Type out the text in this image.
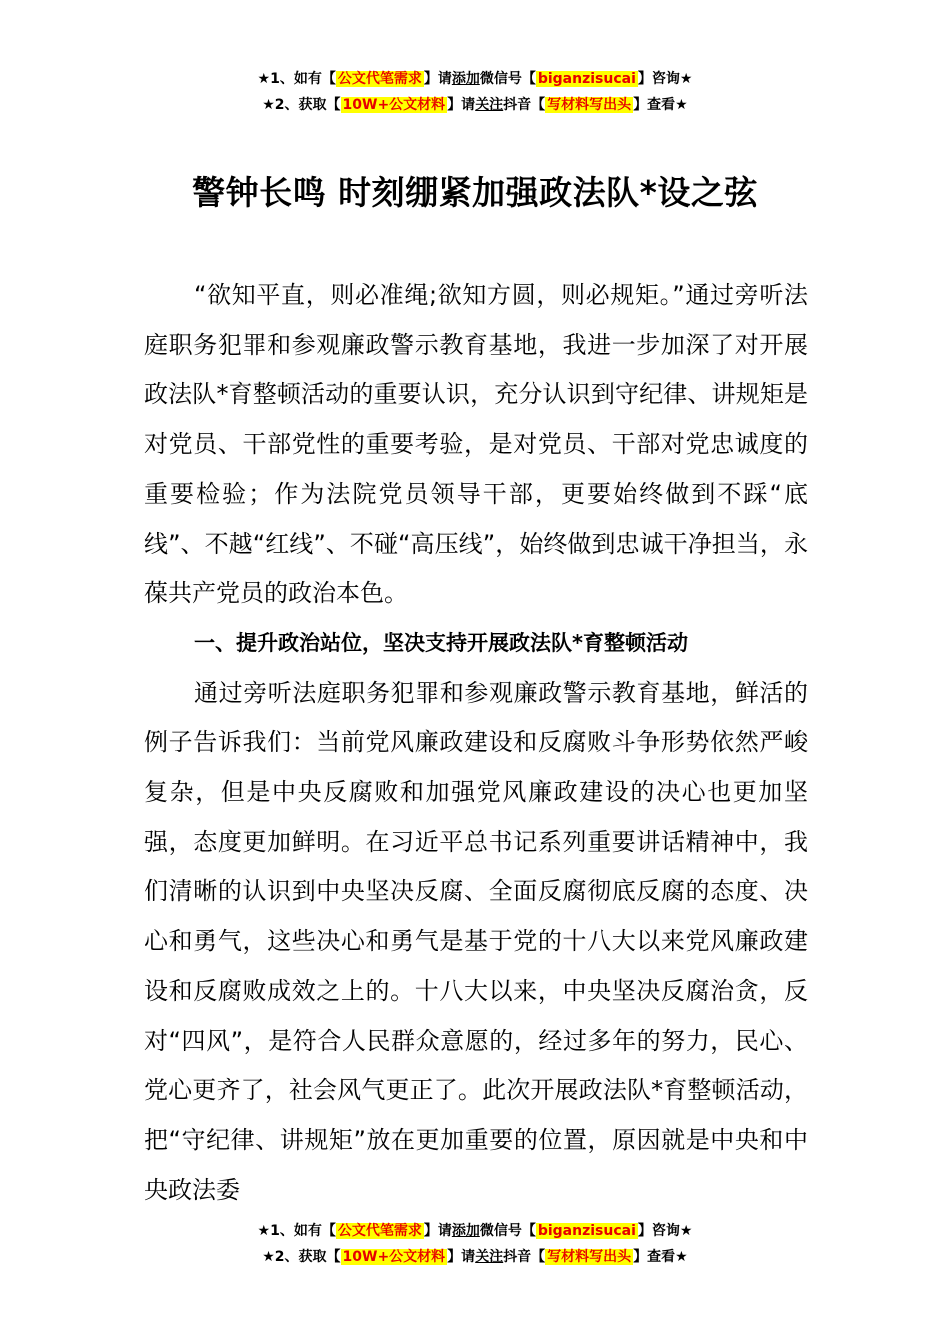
★1、如有【 公文代笔需求 】请添加微信号【 biganzisucai 】咨询★
★2、获取【 10W+公文材料 】请关注抖音【 写材料写出头 】查看★
警钟长鸣 时刻绷紧加强政法队*设之弦

“欲知平直，则必准绳;欲知方圆，则必规矩。”通过旁听法庭职务犯罪和参观廉政警示教育基地，我进一步加深了对开展政法队*育整顿活动的重要认识，充分认识到守纪律、讲规矩是对党员、干部党性的重要考验，是对党员、干部对党忠诚度的重要检验；作为法院党员领导干部，更要始终做到不踩“底线”、不越“红线”、不碰“高压线”，始终做到忠诚干净担当，永葆共产党员的政治本色。

一、提升政治站位，坚决支持开展政法队*育整顿活动

通过旁听法庭职务犯罪和参观廉政警示教育基地，鲜活的例子告诉我们：当前党风廉政建设和反腐败斗争形势依然严峻复杂，但是中央反腐败和加强党风廉政建设的决心也更加坚强，态度更加鲜明。在习近平总书记系列重要讲话精神中，我们清晰的认识到中央坚决反腐、全面反腐彻底反腐的态度、决心和勇气，这些决心和勇气是基于党的十八大以来党风廉政建设和反腐败成效之上的。十八大以来，中央坚决反腐治贪，反对“四风”，是符合人民群众意愿的，经过多年的努力，民心、党心更齐了，社会风气更正了。此次开展政法队*育整顿活动，把“守纪律、讲规矩”放在更加重要的位置，原因就是中央和中央政法委

★1、如有【 公文代笔需求 】请添加微信号【 biganzisucai 】咨询★
★2、获取【 10W+公文材料 】请关注抖音【 写材料写出头 】查看★
